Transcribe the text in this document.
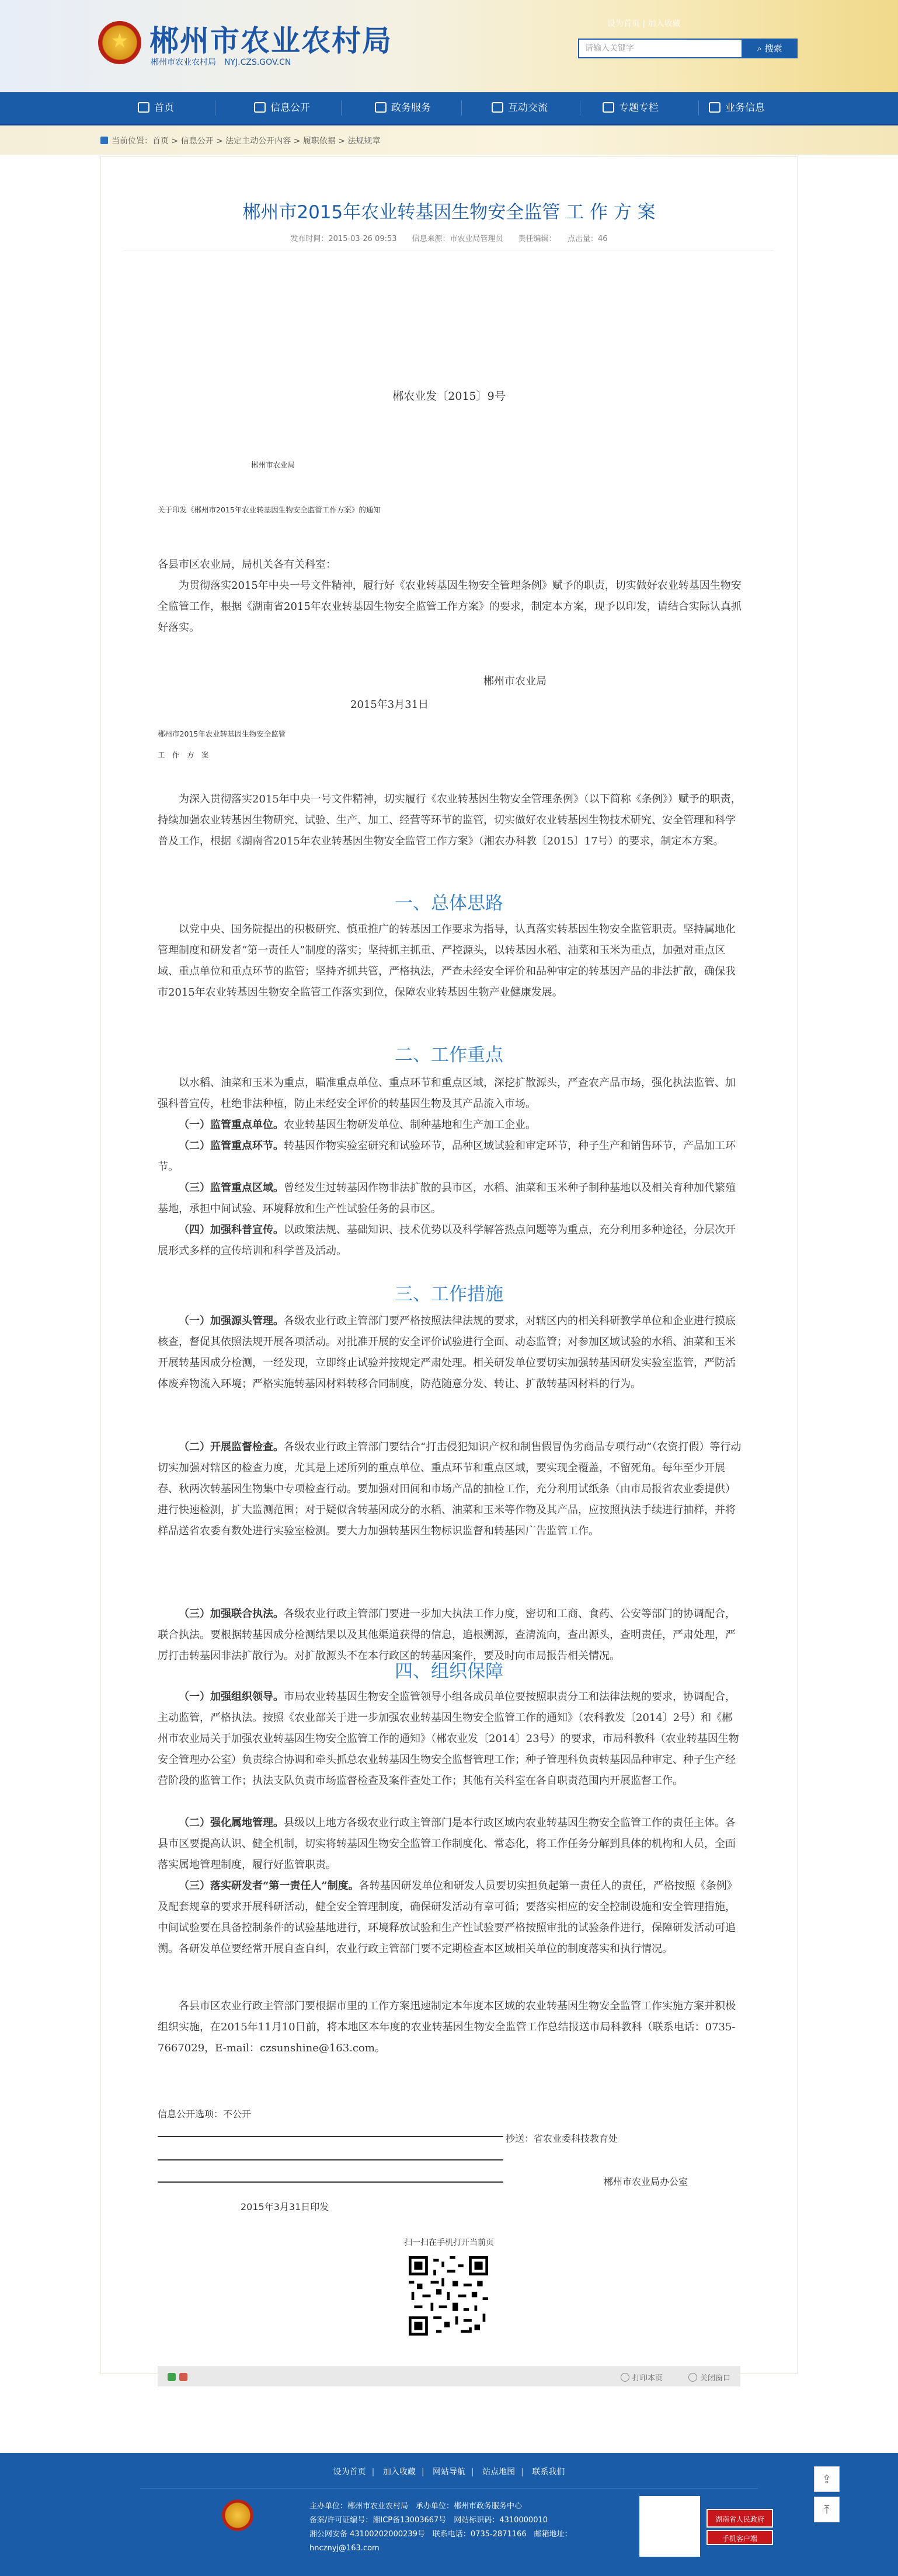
★ 郴州市农业农村局
郴州市农业农村局　NYJ.CZS.GOV.CN
设为首页 | 加入收藏
请输入关键字	⌕ 搜索
首页	信息公开	政务服务	互动交流	专题专栏	业务信息
当前位置：首页 > 信息公开 > 法定主动公开内容 > 履职依据 > 法规规章
郴州市2015年农业转基因生物安全监管 工 作 方 案
发布时间：2015-03-26 09:53　　信息来源：市农业局管理员　　责任编辑：　　点击量：46
郴农业发〔2015〕9号
郴州市农业局
关于印发《郴州市2015年农业转基因生物安全监管工作方案》的通知
各县市区农业局，局机关各有关科室：
为贯彻落实2015年中央一号文件精神，履行好《农业转基因生物安全管理条例》赋予的职责，切实做好农业转基因生物安全监管工作，根据《湖南省2015年农业转基因生物安全监管工作方案》的要求，制定本方案，现予以印发，请结合实际认真抓好落实。
郴州市农业局
2015年3月31日
郴州市2015年农业转基因生物安全监管
工　作　方　案
为深入贯彻落实2015年中央一号文件精神，切实履行《农业转基因生物安全管理条例》（以下简称《条例》）赋予的职责，持续加强农业转基因生物研究、试验、生产、加工、经营等环节的监管，切实做好农业转基因生物技术研究、安全管理和科学普及工作，根据《湖南省2015年农业转基因生物安全监管工作方案》（湘农办科教〔2015〕17号）的要求，制定本方案。
一、总体思路
以党中央、国务院提出的积极研究、慎重推广的转基因工作要求为指导，认真落实转基因生物安全监管职责。坚持属地化管理制度和研发者“第一责任人”制度的落实；坚持抓主抓重、严控源头，以转基因水稻、油菜和玉米为重点，加强对重点区域、重点单位和重点环节的监管；坚持齐抓共管，严格执法，严查未经安全评价和品种审定的转基因产品的非法扩散，确保我市2015年农业转基因生物安全监管工作落实到位，保障农业转基因生物产业健康发展。
二、工作重点
以水稻、油菜和玉米为重点，瞄准重点单位、重点环节和重点区域，深挖扩散源头，严查农产品市场，强化执法监管、加强科普宣传，杜绝非法种植，防止未经安全评价的转基因生物及其产品流入市场。
（一）监管重点单位。农业转基因生物研发单位、制种基地和生产加工企业。
（二）监管重点环节。转基因作物实验室研究和试验环节，品种区域试验和审定环节，种子生产和销售环节，产品加工环节。
（三）监管重点区域。曾经发生过转基因作物非法扩散的县市区，水稻、油菜和玉米种子制种基地以及相关育种加代繁殖基地，承担中间试验、环境释放和生产性试验任务的县市区。
（四）加强科普宣传。以政策法规、基础知识、技术优势以及科学解答热点问题等为重点，充分利用多种途径，分层次开展形式多样的宣传培训和科学普及活动。
三、工作措施
（一）加强源头管理。各级农业行政主管部门要严格按照法律法规的要求，对辖区内的相关科研教学单位和企业进行摸底核查，督促其依照法规开展各项活动。对批准开展的安全评价试验进行全面、动态监管；对参加区域试验的水稻、油菜和玉米开展转基因成分检测，一经发现，立即终止试验并按规定严肃处理。相关研发单位要切实加强转基因研发实验室监管，严防活体废弃物流入环境；严格实施转基因材料转移合同制度，防范随意分发、转让、扩散转基因材料的行为。
（二）开展监督检查。各级农业行政主管部门要结合“打击侵犯知识产权和制售假冒伪劣商品专项行动”（农资打假）等行动切实加强对辖区的检查力度，尤其是上述所列的重点单位、重点环节和重点区域，要实现全覆盖，不留死角。每年至少开展春、秋两次转基因生物集中专项检查行动。要加强对田间和市场产品的抽检工作，充分利用试纸条（由市局报省农业委提供）进行快速检测，扩大监测范围；对于疑似含转基因成分的水稻、油菜和玉米等作物及其产品，应按照执法手续进行抽样，并将样品送省农委有数处进行实验室检测。要大力加强转基因生物标识监督和转基因广告监管工作。
（三）加强联合执法。各级农业行政主管部门要进一步加大执法工作力度，密切和工商、食药、公安等部门的协调配合，联合执法。要根据转基因成分检测结果以及其他渠道获得的信息，追根溯源，查清流向，查出源头，查明责任，严肃处理，严厉打击转基因非法扩散行为。对扩散源头不在本行政区的转基因案件，要及时向市局报告相关情况。
四、组织保障
（一）加强组织领导。市局农业转基因生物安全监管领导小组各成员单位要按照职责分工和法律法规的要求，协调配合，主动监管，严格执法。按照《农业部关于进一步加强农业转基因生物安全监管工作的通知》（农科教发〔2014〕2号）和《郴州市农业局关于加强农业转基因生物安全监管工作的通知》（郴农业发〔2014〕23号）的要求，市局科教科（农业转基因生物安全管理办公室）负责综合协调和牵头抓总农业转基因生物安全监督管理工作；种子管理科负责转基因品种审定、种子生产经营阶段的监管工作；执法支队负责市场监督检查及案件查处工作；其他有关科室在各自职责范围内开展监督工作。
（二）强化属地管理。县级以上地方各级农业行政主管部门是本行政区域内农业转基因生物安全监管工作的责任主体。各县市区要提高认识、健全机制，切实将转基因生物安全监管工作制度化、常态化，将工作任务分解到具体的机构和人员，全面落实属地管理制度，履行好监管职责。
（三）落实研发者“第一责任人”制度。各转基因研发单位和研发人员要切实担负起第一责任人的责任，严格按照《条例》及配套规章的要求开展科研活动，健全安全管理制度，确保研发活动有章可循；要落实相应的安全控制设施和安全管理措施，中间试验要在具备控制条件的试验基地进行，环境释放试验和生产性试验要严格按照审批的试验条件进行，保障研发活动可追溯。各研发单位要经常开展自查自纠，农业行政主管部门要不定期检查本区域相关单位的制度落实和执行情况。
各县市区农业行政主管部门要根据市里的工作方案迅速制定本年度本区域的农业转基因生物安全监管工作实施方案并积极组织实施，在2015年11月10日前，将本地区本年度的农业转基因生物安全监管工作总结报送市局科教科（联系电话：0735-7667029，E-mail：czsunshine@163.com。
信息公开选项：不公开
抄送：省农业委科技教育处
郴州市农业局办公室
2015年3月31日印发
扫一扫在手机打开当前页
打印本页	关闭窗口
设为首页 | 加入收藏 | 网站导航 | 站点地图 | 联系我们
主办单位：郴州市农业农村局　承办单位：郴州市政务服务中心
备案/许可证编号：湘ICP备13003667号　网站标识码：4310000010
湘公网安备 43100202000239号　联系电话：0735-2871166　邮箱地址：
hncznyj@163.com
湖南省人民政府
手机客户端
⇪
⤒
